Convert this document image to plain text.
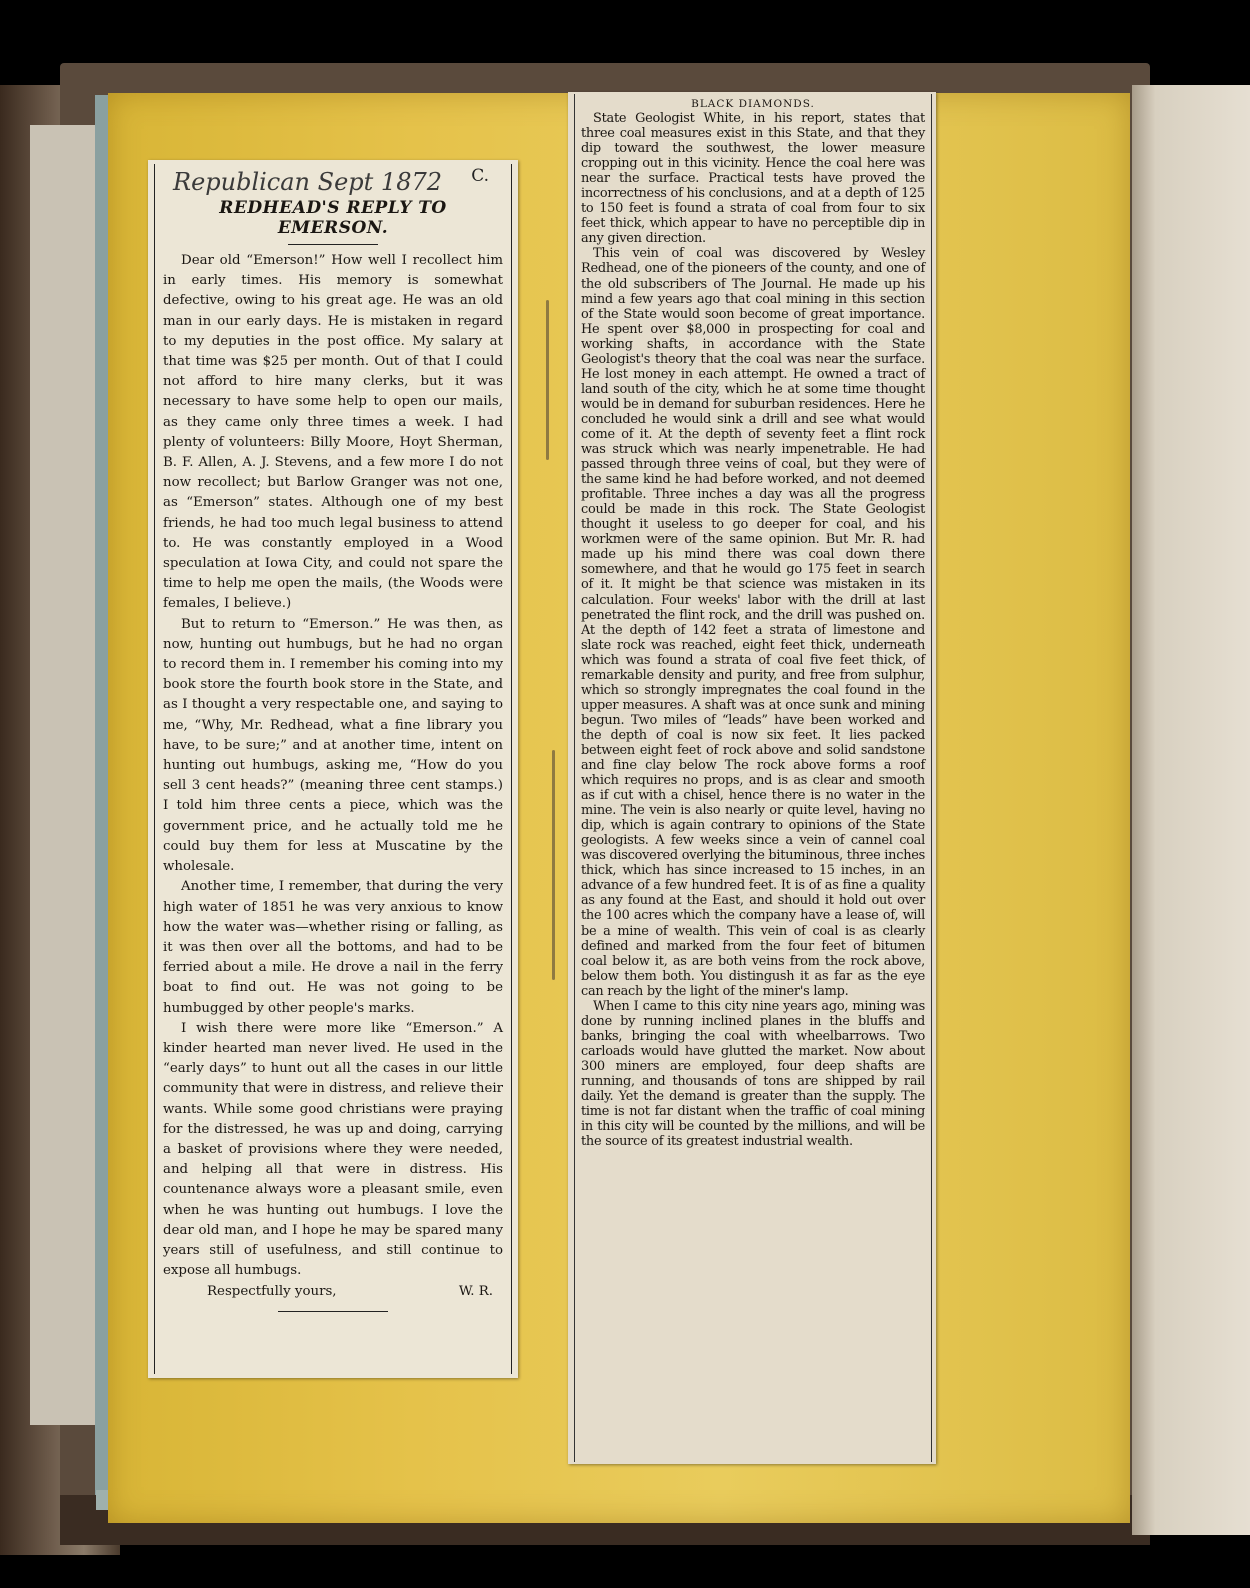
Republican Sept 1872 C.
REDHEAD'S REPLY TO EMERSON.

Dear old “Emerson!” How well I recollect him in early times. His memory is somewhat defective, owing to his great age. He was an old man in our early days. He is mistaken in regard to my deputies in the post office. My salary at that time was $25 per month. Out of that I could not afford to hire many clerks, but it was necessary to have some help to open our mails, as they came only three times a week. I had plenty of volunteers: Billy Moore, Hoyt Sherman, B. F. Allen, A. J. Stevens, and a few more I do not now recollect; but Barlow Granger was not one, as “Emerson” states. Although one of my best friends, he had too much legal business to attend to. He was constantly employed in a Wood speculation at Iowa City, and could not spare the time to help me open the mails, (the Woods were females, I believe.)

But to return to “Emerson.” He was then, as now, hunting out humbugs, but he had no organ to record them in. I remember his coming into my book store the fourth book store in the State, and as I thought a very respectable one, and saying to me, “Why, Mr. Redhead, what a fine library you have, to be sure;” and at another time, intent on hunting out humbugs, asking me, “How do you sell 3 cent heads?” (meaning three cent stamps.) I told him three cents a piece, which was the government price, and he actually told me he could buy them for less at Muscatine by the wholesale.

Another time, I remember, that during the very high water of 1851 he was very anxious to know how the water was—whether rising or falling, as it was then over all the bottoms, and had to be ferried about a mile. He drove a nail in the ferry boat to find out. He was not going to be humbugged by other people's marks.

I wish there were more like “Emerson.” A kinder hearted man never lived. He used in the “early days” to hunt out all the cases in our little community that were in distress, and relieve their wants. While some good christians were praying for the distressed, he was up and doing, carrying a basket of provisions where they were needed, and helping all that were in distress. His countenance always wore a pleasant smile, even when he was hunting out humbugs. I love the dear old man, and I hope he may be spared many years still of usefulness, and still continue to expose all humbugs.

Respectfully yours,	W. R.
BLACK DIAMONDS.

State Geologist White, in his report, states that three coal measures exist in this State, and that they dip toward the southwest, the lower measure cropping out in this vicinity. Hence the coal here was near the surface. Practical tests have proved the incorrectness of his conclusions, and at a depth of 125 to 150 feet is found a strata of coal from four to six feet thick, which appear to have no perceptible dip in any given direction.

This vein of coal was discovered by Wesley Redhead, one of the pioneers of the county, and one of the old subscribers of The Journal. He made up his mind a few years ago that coal mining in this section of the State would soon become of great importance. He spent over $8,000 in prospecting for coal and working shafts, in accordance with the State Geologist's theory that the coal was near the surface. He lost money in each attempt. He owned a tract of land south of the city, which he at some time thought would be in demand for suburban residences. Here he concluded he would sink a drill and see what would come of it. At the depth of seventy feet a flint rock was struck which was nearly impenetrable. He had passed through three veins of coal, but they were of the same kind he had before worked, and not deemed profitable. Three inches a day was all the progress could be made in this rock. The State Geologist thought it useless to go deeper for coal, and his workmen were of the same opinion. But Mr. R. had made up his mind there was coal down there somewhere, and that he would go 175 feet in search of it. It might be that science was mistaken in its calculation. Four weeks' labor with the drill at last penetrated the flint rock, and the drill was pushed on. At the depth of 142 feet a strata of limestone and slate rock was reached, eight feet thick, underneath which was found a strata of coal five feet thick, of remarkable density and purity, and free from sulphur, which so strongly impregnates the coal found in the upper measures. A shaft was at once sunk and mining begun. Two miles of “leads” have been worked and the depth of coal is now six feet. It lies packed between eight feet of rock above and solid sandstone and fine clay below The rock above forms a roof which requires no props, and is as clear and smooth as if cut with a chisel, hence there is no water in the mine. The vein is also nearly or quite level, having no dip, which is again contrary to opinions of the State geologists. A few weeks since a vein of cannel coal was discovered overlying the bituminous, three inches thick, which has since increased to 15 inches, in an advance of a few hundred feet. It is of as fine a quality as any found at the East, and should it hold out over the 100 acres which the company have a lease of, will be a mine of wealth. This vein of coal is as clearly defined and marked from the four feet of bitumen coal below it, as are both veins from the rock above, below them both. You distingush it as far as the eye can reach by the light of the miner's lamp.

When I came to this city nine years ago, mining was done by running inclined planes in the bluffs and banks, bringing the coal with wheelbarrows. Two carloads would have glutted the market. Now about 300 miners are employed, four deep shafts are running, and thousands of tons are shipped by rail daily. Yet the demand is greater than the supply. The time is not far distant when the traffic of coal mining in this city will be counted by the millions, and will be the source of its greatest industrial wealth.
